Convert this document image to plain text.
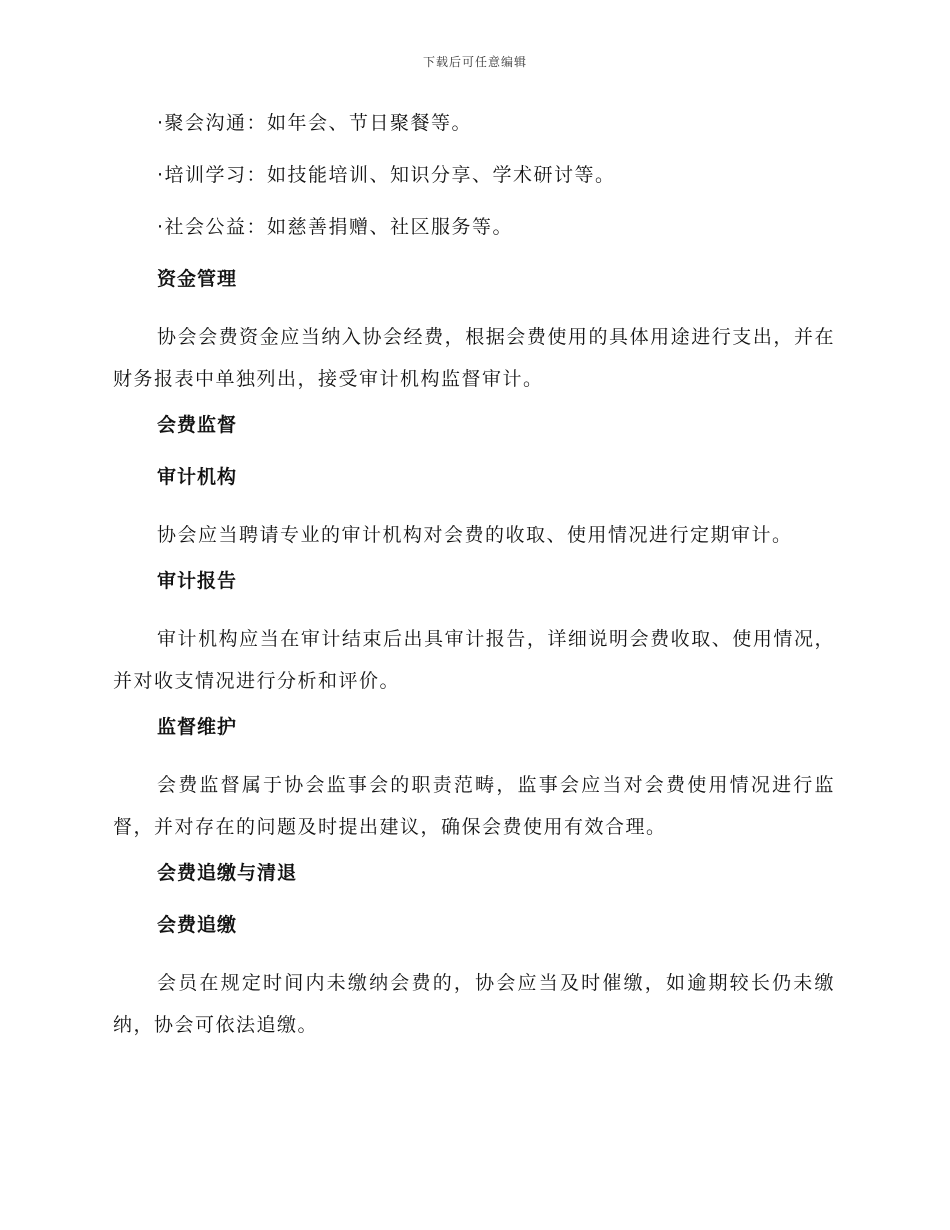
下载后可任意编辑

·聚会沟通：如年会、节日聚餐等。

·培训学习：如技能培训、知识分享、学术研讨等。

·社会公益：如慈善捐赠、社区服务等。

资金管理

协会会费资金应当纳入协会经费，根据会费使用的具体用途进行支出，并在财务报表中单独列出，接受审计机构监督审计。

会费监督

审计机构

协会应当聘请专业的审计机构对会费的收取、使用情况进行定期审计。

审计报告

审计机构应当在审计结束后出具审计报告，详细说明会费收取、使用情况，并对收支情况进行分析和评价。

监督维护

会费监督属于协会监事会的职责范畴，监事会应当对会费使用情况进行监督，并对存在的问题及时提出建议，确保会费使用有效合理。

会费追缴与清退

会费追缴

会员在规定时间内未缴纳会费的，协会应当及时催缴，如逾期较长仍未缴纳，协会可依法追缴。
